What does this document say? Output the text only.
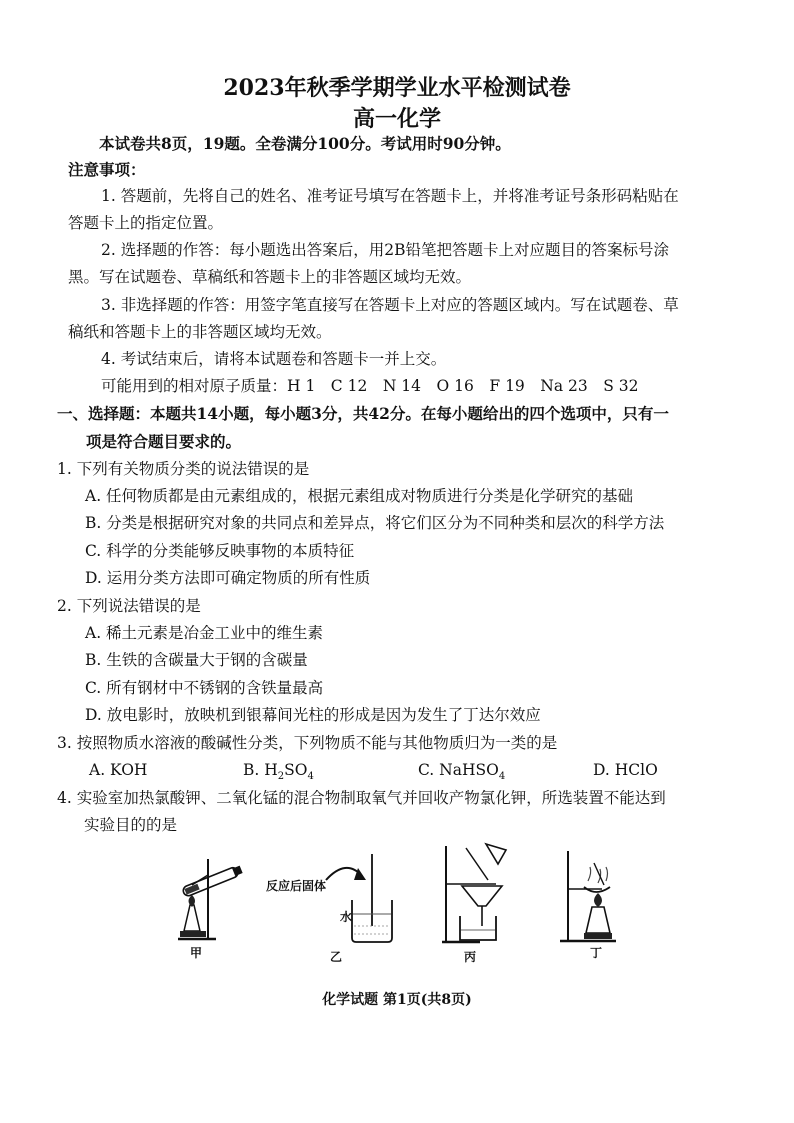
2023年秋季学期学业水平检测试卷
高一化学
本试卷共8页，19题。全卷满分100分。考试用时90分钟。
注意事项：
1. 答题前，先将自己的姓名、准考证号填写在答题卡上，并将准考证号条形码粘贴在
答题卡上的指定位置。
2. 选择题的作答：每小题选出答案后，用2B铅笔把答题卡上对应题目的答案标号涂
黑。写在试题卷、草稿纸和答题卡上的非答题区域均无效。
3. 非选择题的作答：用签字笔直接写在答题卡上对应的答题区域内。写在试题卷、草
稿纸和答题卡上的非答题区域均无效。
4. 考试结束后，请将本试题卷和答题卡一并上交。
可能用到的相对原子质量：H 1　C 12　N 14　O 16　F 19　Na 23　S 32
一、选择题：本题共14小题，每小题3分，共42分。在每小题给出的四个选项中，只有一
项是符合题目要求的。
1. 下列有关物质分类的说法错误的是
A. 任何物质都是由元素组成的，根据元素组成对物质进行分类是化学研究的基础
B. 分类是根据研究对象的共同点和差异点，将它们区分为不同种类和层次的科学方法
C. 科学的分类能够反映事物的本质特征
D. 运用分类方法即可确定物质的所有性质
2. 下列说法错误的是
A. 稀土元素是冶金工业中的维生素
B. 生铁的含碳量大于钢的含碳量
C. 所有钢材中不锈钢的含铁量最高
D. 放电影时，放映机到银幕间光柱的形成是因为发生了丁达尔效应
3. 按照物质水溶液的酸碱性分类，下列物质不能与其他物质归为一类的是
A. KOH	B. $H_2SO_4$	C. NaHSO$_4$	D. HClO
4. 实验室加热氯酸钾、二氧化锰的混合物制取氧气并回收产物氯化钾，所选装置不能达到
实验目的的是
反应后固体
水
甲	乙	丙	丁
化学试题 第1页(共8页)
